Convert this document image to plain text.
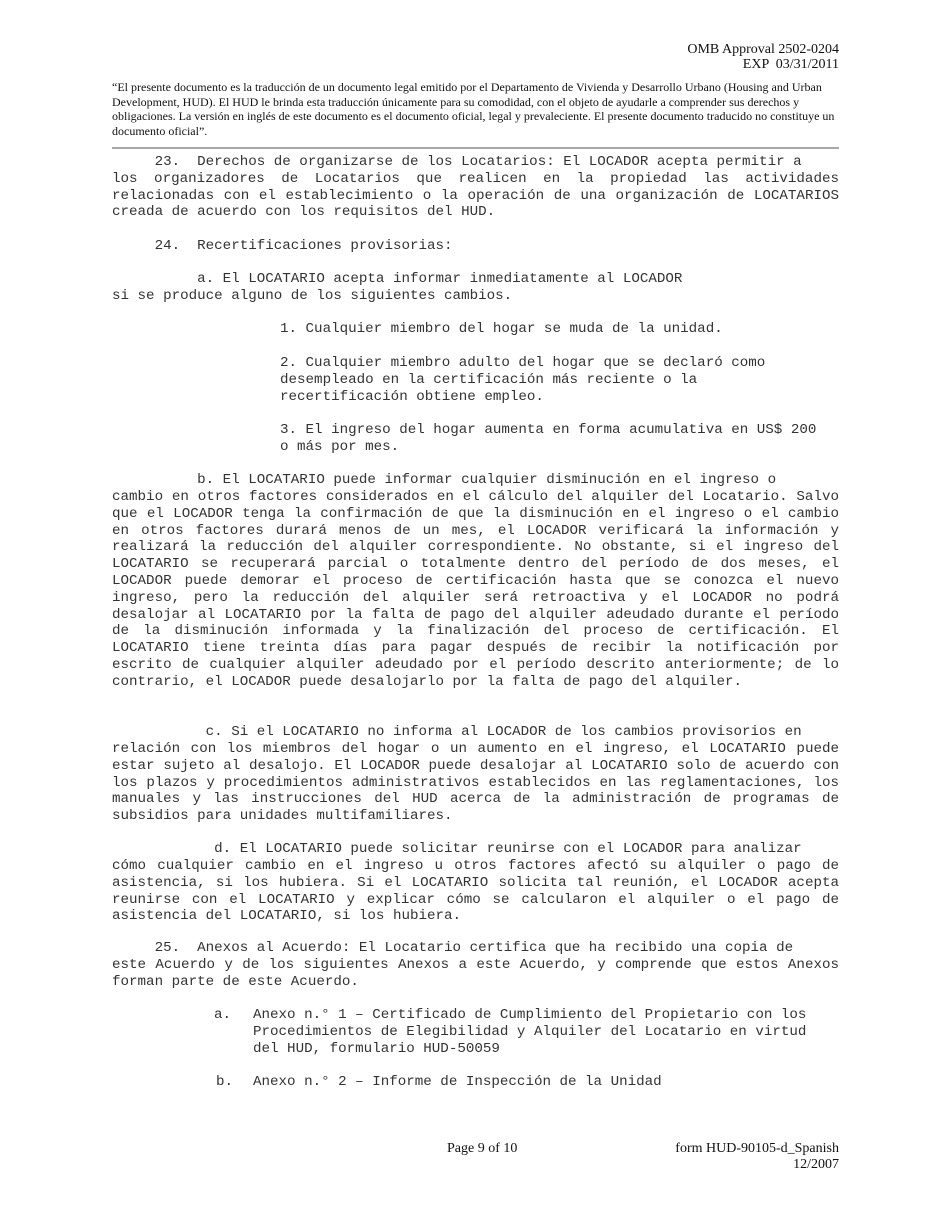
OMB Approval 2502-0204
EXP  03/31/2011

“El presente documento es la traducción de un documento legal emitido por el Departamento de Vivienda y Desarrollo Urbano (Housing and Urban Development, HUD). El HUD le brinda esta traducción únicamente para su comodidad, con el objeto de ayudarle a comprender sus derechos y obligaciones. La versión en inglés de este documento es el documento oficial, legal y prevaleciente. El presente documento traducido no constituye un documento oficial”.

23.  Derechos de organizarse de los Locatarios: El LOCADOR acepta permitir a
los organizadores de Locatarios que realicen en la propiedad las actividades relacionadas con el establecimiento o la operación de una organización de LOCATARIOS creada de acuerdo con los requisitos del HUD.
24.  Recertificaciones provisorias:
a. El LOCATARIO acepta informar inmediatamente al LOCADOR
si se produce alguno de los siguientes cambios.
1. Cualquier miembro del hogar se muda de la unidad.
2. Cualquier miembro adulto del hogar que se declaró como desempleado en la certificación más reciente o la recertificación obtiene empleo.
3. El ingreso del hogar aumenta en forma acumulativa en US$ 200 o más por mes.
b. El LOCATARIO puede informar cualquier disminución en el ingreso o
cambio en otros factores considerados en el cálculo del alquiler del Locatario. Salvo que el LOCADOR tenga la confirmación de que la disminución en el ingreso o el cambio en otros factores durará menos de un mes, el LOCADOR verificará la información y realizará la reducción del alquiler correspondiente. No obstante, si el ingreso del LOCATARIO se recuperará parcial o totalmente dentro del período de dos meses, el LOCADOR puede demorar el proceso de certificación hasta que se conozca el nuevo ingreso, pero la reducción del alquiler será retroactiva y el LOCADOR no podrá desalojar al LOCATARIO por la falta de pago del alquiler adeudado durante el período de la disminución informada y la finalización del proceso de certificación. El LOCATARIO tiene treinta días para pagar después de recibir la notificación por escrito de cualquier alquiler adeudado por el período descrito anteriormente; de lo contrario, el LOCADOR puede desalojarlo por la falta de pago del alquiler.
c. Si el LOCATARIO no informa al LOCADOR de los cambios provisorios en
relación con los miembros del hogar o un aumento en el ingreso, el LOCATARIO puede estar sujeto al desalojo. El LOCADOR puede desalojar al LOCATARIO solo de acuerdo con los plazos y procedimientos administrativos establecidos en las reglamentaciones, los manuales y las instrucciones del HUD acerca de la administración de programas de subsidios para unidades multifamiliares.
d. El LOCATARIO puede solicitar reunirse con el LOCADOR para analizar
cómo cualquier cambio en el ingreso u otros factores afectó su alquiler o pago de asistencia, si los hubiera. Si el LOCATARIO solicita tal reunión, el LOCADOR acepta reunirse con el LOCATARIO y explicar cómo se calcularon el alquiler o el pago de asistencia del LOCATARIO, si los hubiera.
25.  Anexos al Acuerdo: El Locatario certifica que ha recibido una copia de
este Acuerdo y de los siguientes Anexos a este Acuerdo, y comprende que estos Anexos forman parte de este Acuerdo.
a. Anexo n.° 1 – Certificado de Cumplimiento del Propietario con los Procedimientos de Elegibilidad y Alquiler del Locatario en virtud del HUD, formulario HUD-50059
b. Anexo n.° 2 – Informe de Inspección de la Unidad
Page 9 of 10	form HUD-90105-d_Spanish
12/2007
